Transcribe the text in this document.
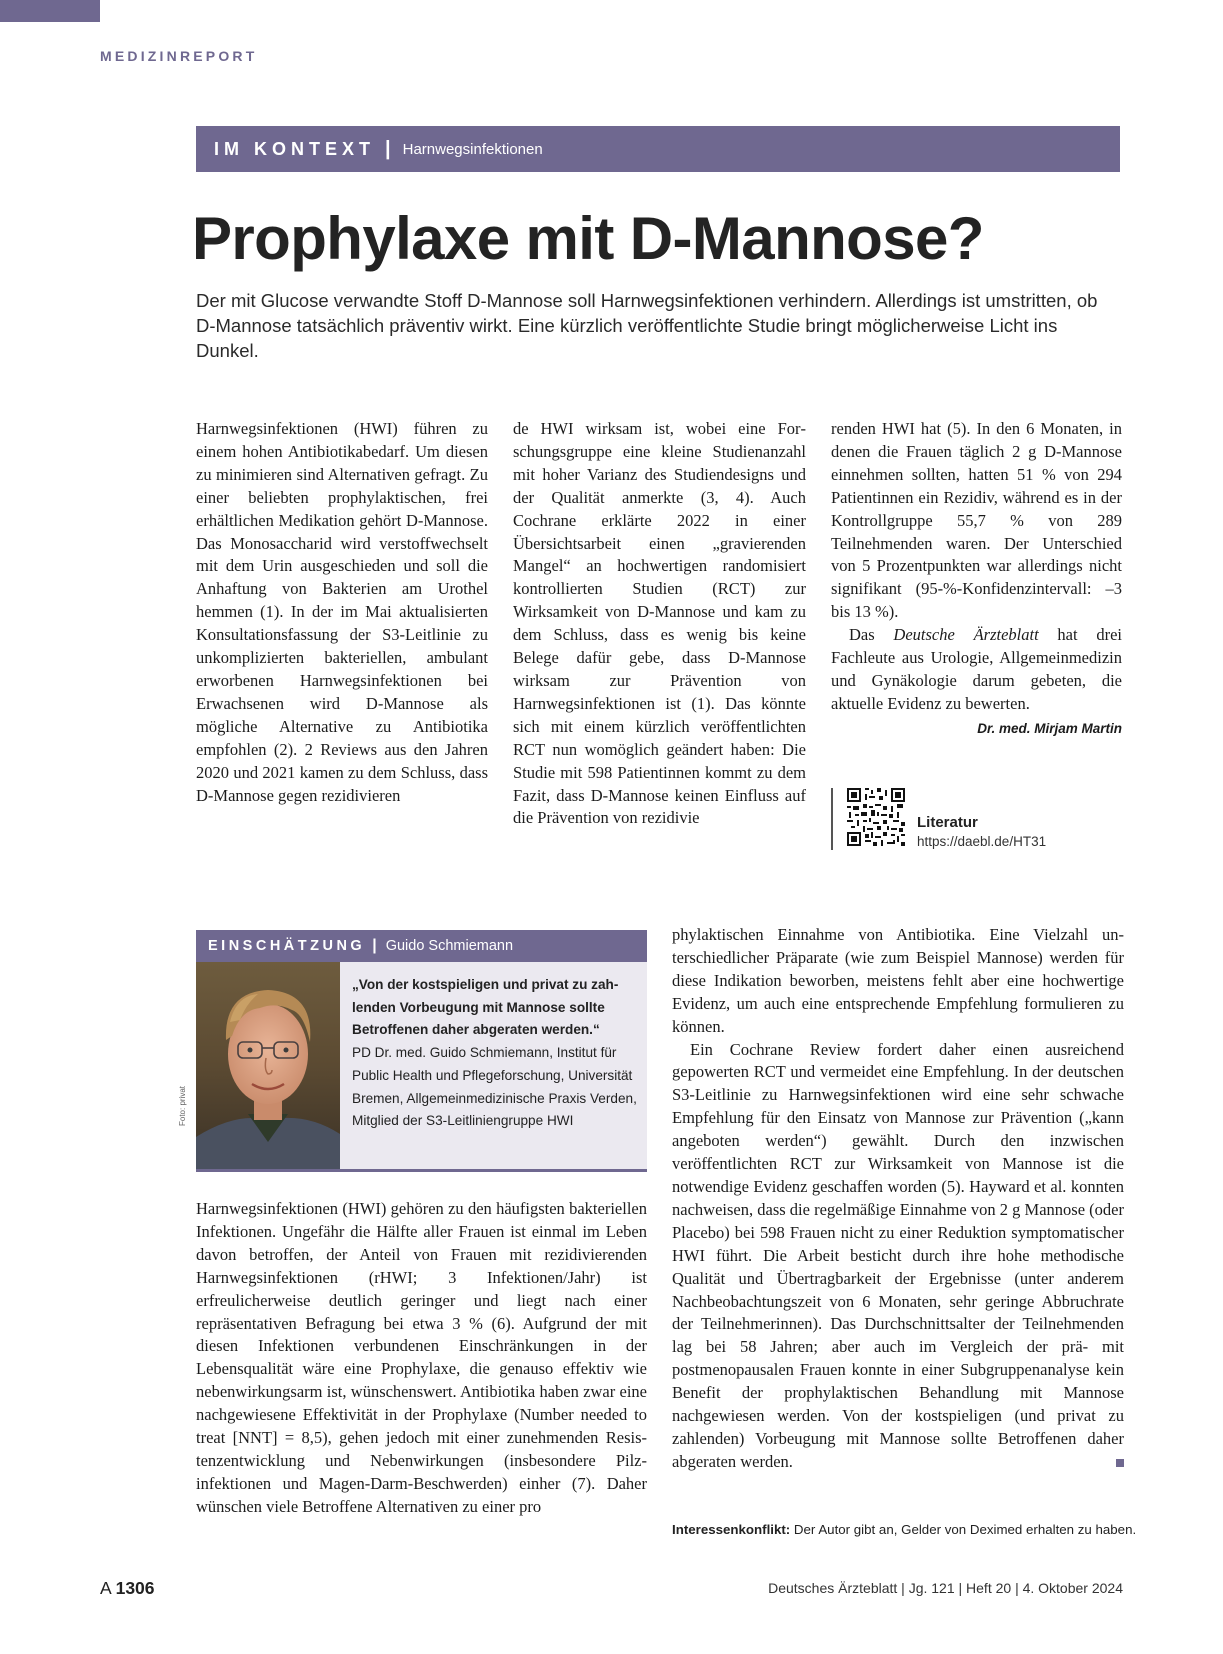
MEDIZINREPORT
IM KONTEXT | Harnwegsinfektionen
Prophylaxe mit D-Mannose?

Der mit Glucose verwandte Stoff D-Mannose soll Harnwegsinfektionen verhindern. Allerdings ist umstritten, ob D-Mannose tatsächlich präventiv wirkt. Eine kürzlich veröffentlichte Studie bringt möglicherweise Licht ins Dunkel.

Harnwegsinfektionen (HWI) führen zu einem hohen Antibiotikabedarf. Um diesen zu minimieren sind Alternativen gefragt. Zu einer beliebten prophylaktischen, frei erhältlichen Medikation gehört D-Mannose. Das Monosaccharid wird verstoffwechselt mit dem Urin ausgeschieden und soll die Anhaftung von Bakterien am Urothel hemmen (1). In der im Mai aktualisierten Konsultationsfassung der S3-Leitlinie zu unkomplizierten bakteriellen, ambulant erworbenen Harnwegsinfektionen bei Erwachsenen wird D-Mannose als mögliche Alternative zu Antibiotika empfohlen (2). 2 Reviews aus den Jahren 2020 und 2021 kamen zu dem Schluss, dass D-Mannose gegen rezidivieren

de HWI wirksam ist, wobei eine Forschungsgruppe eine kleine Studienanzahl mit hoher Varianz des Studiendesigns und der Qualität anmerkte (3, 4). Auch Cochrane erklärte 2022 in einer Übersichtsarbeit einen „gravierenden Mangel“ an hochwertigen randomisiert kontrollierten Studien (RCT) zur Wirksamkeit von D-Mannose und kam zu dem Schluss, dass es wenig bis keine Belege dafür gebe, dass D-Mannose wirksam zur Prävention von Harnwegsinfektionen ist (1). Das könnte sich mit einem kürzlich veröffentlichten RCT nun womöglich geändert haben: Die Studie mit 598 Patientinnen kommt zu dem Fazit, dass D-Mannose keinen Einfluss auf die Prävention von rezidivie

renden HWI hat (5). In den 6 Monaten, in denen die Frauen täglich 2 g D-Mannose einnehmen sollten, hatten 51 % von 294 Patientinnen ein Rezidiv, während es in der Kontrollgruppe 55,7 % von 289 Teilnehmenden waren. Der Unterschied von 5 Prozentpunkten war allerdings nicht signifikant (95-%-Konfidenzintervall: –3 bis 13 %).

Das Deutsche Ärzteblatt hat drei Fachleute aus Urologie, Allgemeinmedizin und Gynäkologie darum gebeten, die aktuelle Evidenz zu bewerten.
Dr. med. Mirjam Martin

Literatur
https://daebl.de/HT31
EINSCHÄTZUNG | Guido Schmiemann
„Von der kostspieligen und privat zu zahlenden Vorbeugung mit Mannose sollte Betroffenen daher abgeraten werden.“
PD Dr. med. Guido Schmiemann, Institut für Public Health und Pflegeforschung, Universität Bremen, Allgemeinmedizinische Praxis Verden, Mitglied der S3-Leitliniengruppe HWI
Foto: privat

Harnwegsinfektionen (HWI) gehören zu den häufigsten bakteriellen Infektionen. Ungefähr die Hälfte aller Frauen ist einmal im Leben davon betroffen, der Anteil von Frauen mit rezidivierenden Harnwegsinfektionen (rHWI; 3 Infektionen/Jahr) ist erfreulicherweise deutlich geringer und liegt nach einer repräsentativen Befragung bei etwa 3 % (6). Aufgrund der mit diesen Infektionen verbundenen Einschränkungen in der Lebensqualität wäre eine Prophylaxe, die genauso effektiv wie nebenwirkungsarm ist, wünschenswert. Antibiotika haben zwar eine nachgewiesene Effektivität in der Prophylaxe (Number needed to treat [NNT] = 8,5), gehen jedoch mit einer zunehmenden Resistenzentwicklung und Nebenwirkungen (insbesondere Pilzinfektionen und Magen-Darm-Beschwerden) einher (7). Daher wünschen viele Betroffene Alternativen zu einer pro

phylaktischen Einnahme von Antibiotika. Eine Vielzahl unterschiedlicher Präparate (wie zum Beispiel Mannose) werden für diese Indikation beworben, meistens fehlt aber eine hochwertige Evidenz, um auch eine entsprechende Empfehlung formulieren zu können.

Ein Cochrane Review fordert daher einen ausreichend gepowerten RCT und vermeidet eine Empfehlung. In der deutschen S3-Leitlinie zu Harnwegsinfektionen wird eine sehr schwache Empfehlung für den Einsatz von Mannose zur Prävention („kann angeboten werden“) gewählt. Durch den inzwischen veröffentlichten RCT zur Wirksamkeit von Mannose ist die notwendige Evidenz geschaffen worden (5). Hayward et al. konnten nachweisen, dass die regelmäßige Einnahme von 2 g Mannose (oder Placebo) bei 598 Frauen nicht zu einer Reduktion symptomatischer HWI führt. Die Arbeit besticht durch ihre hohe methodische Qualität und Übertragbarkeit der Ergebnisse (unter anderem Nachbeobachtungszeit von 6 Monaten, sehr geringe Abbruchrate der Teilnehmerinnen). Das Durchschnittsalter der Teilnehmenden lag bei 58 Jahren; aber auch im Vergleich der prä- mit postmenopausalen Frauen konnte in einer Subgruppenanalyse kein Benefit der prophylaktischen Behandlung mit Mannose nachgewiesen werden. Von der kostspieligen (und privat zu zahlenden) Vorbeugung mit Mannose sollte Betroffenen daher abgeraten werden.

Interessenkonflikt: Der Autor gibt an, Gelder von Deximed erhalten zu haben.
A 1306	Deutsches Ärzteblatt | Jg. 121 | Heft 20 | 4. Oktober 2024
